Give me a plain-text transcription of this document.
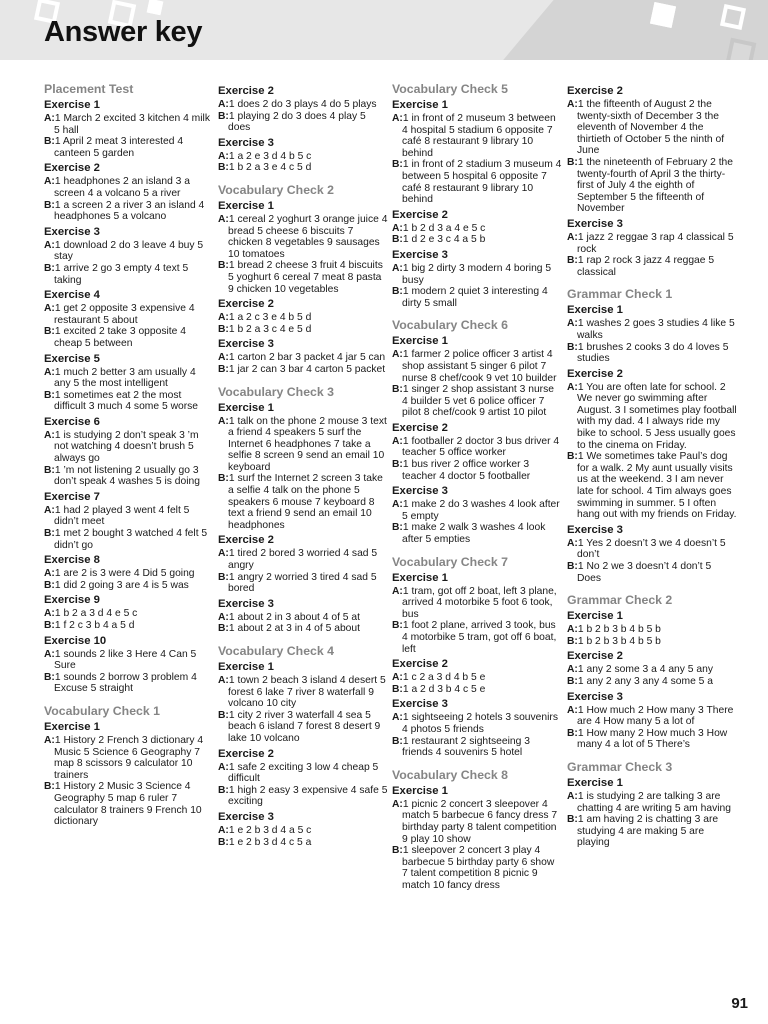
Answer key
Placement Test
Exercise 1

A:1 March 2 excited 3 kitchen 4 milk 5 hall

B:1 April 2 meat 3 interested 4 canteen 5 garden

Exercise 2

A:1 headphones 2 an island 3 a screen 4 a volcano 5 a river

B:1 a screen 2 a river 3 an island 4 headphones 5 a volcano

Exercise 3

A:1 download 2 do 3 leave 4 buy 5 stay

B:1 arrive 2 go 3 empty 4 text 5 taking

Exercise 4

A:1 get 2 opposite 3 expensive 4 restaurant 5 about

B:1 excited 2 take 3 opposite 4 cheap 5 between

Exercise 5

A:1 much 2 better 3 am usually 4 any 5 the most intelligent

B:1 sometimes eat 2 the most difficult 3 much 4 some 5 worse

Exercise 6

A:1 is studying 2 don’t speak 3 ’m not watching 4 doesn’t brush 5 always go

B:1 ’m not listening 2 usually go 3 don’t speak 4 washes 5 is doing

Exercise 7

A:1 had 2 played 3 went 4 felt 5 didn’t meet

B:1 met 2 bought 3 watched 4 felt 5 didn’t go

Exercise 8

A:1 are 2 is 3 were 4 Did 5 going

B:1 did 2 going 3 are 4 is 5 was

Exercise 9

A:1 b 2 a 3 d 4 e 5 c

B:1 f 2 c 3 b 4 a 5 d

Exercise 10

A:1 sounds 2 like 3 Here 4 Can 5 Sure

B:1 sounds 2 borrow 3 problem 4 Excuse 5 straight

Vocabulary Check 1
Exercise 1

A:1 History 2 French 3 dictionary 4 Music 5 Science 6 Geography 7 map 8 scissors 9 calculator 10 trainers

B:1 History 2 Music 3 Science 4 Geography 5 map 6 ruler 7 calculator 8 trainers 9 French 10 dictionary

Exercise 2

A:1 does 2 do 3 plays 4 do 5 plays

B:1 playing 2 do 3 does 4 play 5 does

Exercise 3

A:1 a 2 e 3 d 4 b 5 c

B:1 b 2 a 3 e 4 c 5 d

Vocabulary Check 2
Exercise 1

A:1 cereal 2 yoghurt 3 orange juice 4 bread 5 cheese 6 biscuits 7 chicken 8 vegetables 9 sausages 10 tomatoes

B:1 bread 2 cheese 3 fruit 4 biscuits 5 yoghurt 6 cereal 7 meat 8 pasta 9 chicken 10 vegetables

Exercise 2

A:1 a 2 c 3 e 4 b 5 d

B:1 b 2 a 3 c 4 e 5 d

Exercise 3

A:1 carton 2 bar 3 packet 4 jar 5 can

B:1 jar 2 can 3 bar 4 carton 5 packet

Vocabulary Check 3
Exercise 1

A:1 talk on the phone 2 mouse 3 text a friend 4 speakers 5 surf the Internet 6 headphones 7 take a selfie 8 screen 9 send an email 10 keyboard

B:1 surf the Internet 2 screen 3 take a selfie 4 talk on the phone 5 speakers 6 mouse 7 keyboard 8 text a friend 9 send an email 10 headphones

Exercise 2

A:1 tired 2 bored 3 worried 4 sad 5 angry

B:1 angry 2 worried 3 tired 4 sad 5 bored

Exercise 3

A:1 about 2 in 3 about 4 of 5 at

B:1 about 2 at 3 in 4 of 5 about

Vocabulary Check 4
Exercise 1

A:1 town 2 beach 3 island 4 desert 5 forest 6 lake 7 river 8 waterfall 9 volcano 10 city

B:1 city 2 river 3 waterfall 4 sea 5 beach 6 island 7 forest 8 desert 9 lake 10 volcano

Exercise 2

A:1 safe 2 exciting 3 low 4 cheap 5 difficult

B:1 high 2 easy 3 expensive 4 safe 5 exciting

Exercise 3

A:1 e 2 b 3 d 4 a 5 c

B:1 e 2 b 3 d 4 c 5 a

Vocabulary Check 5
Exercise 1

A:1 in front of 2 museum 3 between 4 hospital 5 stadium 6 opposite 7 café 8 restaurant 9 library 10 behind

B:1 in front of 2 stadium 3 museum 4 between 5 hospital 6 opposite 7 café 8 restaurant 9 library 10 behind

Exercise 2

A:1 b 2 d 3 a 4 e 5 c

B:1 d 2 e 3 c 4 a 5 b

Exercise 3

A:1 big 2 dirty 3 modern 4 boring 5 busy

B:1 modern 2 quiet 3 interesting 4 dirty 5 small

Vocabulary Check 6
Exercise 1

A:1 farmer 2 police officer 3 artist 4 shop assistant 5 singer 6 pilot 7 nurse 8 chef/cook 9 vet 10 builder

B:1 singer 2 shop assistant 3 nurse 4 builder 5 vet 6 police officer 7 pilot 8 chef/cook 9 artist 10 pilot

Exercise 2

A:1 footballer 2 doctor 3 bus driver 4 teacher 5 office worker

B:1 bus river 2 office worker 3 teacher 4 doctor 5 footballer

Exercise 3

A:1 make 2 do 3 washes 4 look after 5 empty

B:1 make 2 walk 3 washes 4 look after 5 empties

Vocabulary Check 7
Exercise 1

A:1 tram, got off 2 boat, left 3 plane, arrived 4 motorbike 5 foot 6 took, bus

B:1 foot 2 plane, arrived 3 took, bus 4 motorbike 5 tram, got off 6 boat, left

Exercise 2

A:1 c 2 a 3 d 4 b 5 e

B:1 a 2 d 3 b 4 c 5 e

Exercise 3

A:1 sightseeing 2 hotels 3 souvenirs 4 photos 5 friends

B:1 restaurant 2 sightseeing 3 friends 4 souvenirs 5 hotel

Vocabulary Check 8
Exercise 1

A:1 picnic 2 concert 3 sleepover 4 match 5 barbecue 6 fancy dress 7 birthday party 8 talent competition 9 play 10 show

B:1 sleepover 2 concert 3 play 4 barbecue 5 birthday party 6 show 7 talent competition 8 picnic 9 match 10 fancy dress

Exercise 2

A:1 the fifteenth of August 2 the twenty-sixth of December 3 the eleventh of November 4 the thirtieth of October 5 the ninth of June

B:1 the nineteenth of February 2 the twenty-fourth of April 3 the thirty-first of July 4 the eighth of September 5 the fifteenth of November

Exercise 3

A:1 jazz 2 reggae 3 rap 4 classical 5 rock

B:1 rap 2 rock 3 jazz 4 reggae 5 classical

Grammar Check 1
Exercise 1

A:1 washes 2 goes 3 studies 4 like 5 walks

B:1 brushes 2 cooks 3 do 4 loves 5 studies

Exercise 2

A:1 You are often late for school. 2 We never go swimming after August. 3 I sometimes play football with my dad. 4 I always ride my bike to school. 5 Jess usually goes to the cinema on Friday.

B:1 We sometimes take Paul’s dog for a walk. 2 My aunt usually visits us at the weekend. 3 I am never late for school. 4 Tim always goes swimming in summer. 5 I often hang out with my friends on Friday.

Exercise 3

A:1 Yes 2 doesn’t 3 we 4 doesn’t 5 don’t

B:1 No 2 we 3 doesn’t 4 don’t 5 Does

Grammar Check 2
Exercise 1

A:1 b 2 b 3 b 4 b 5 b

B:1 b 2 b 3 b 4 b 5 b

Exercise 2

A:1 any 2 some 3 a 4 any 5 any

B:1 any 2 any 3 any 4 some 5 a

Exercise 3

A:1 How much 2 How many 3 There are 4 How many 5 a lot of

B:1 How many 2 How much 3 How many 4 a lot of 5 There’s

Grammar Check 3
Exercise 1

A:1 is studying 2 are talking 3 are chatting 4 are writing 5 am having

B:1 am having 2 is chatting 3 are studying 4 are making 5 are playing

91
